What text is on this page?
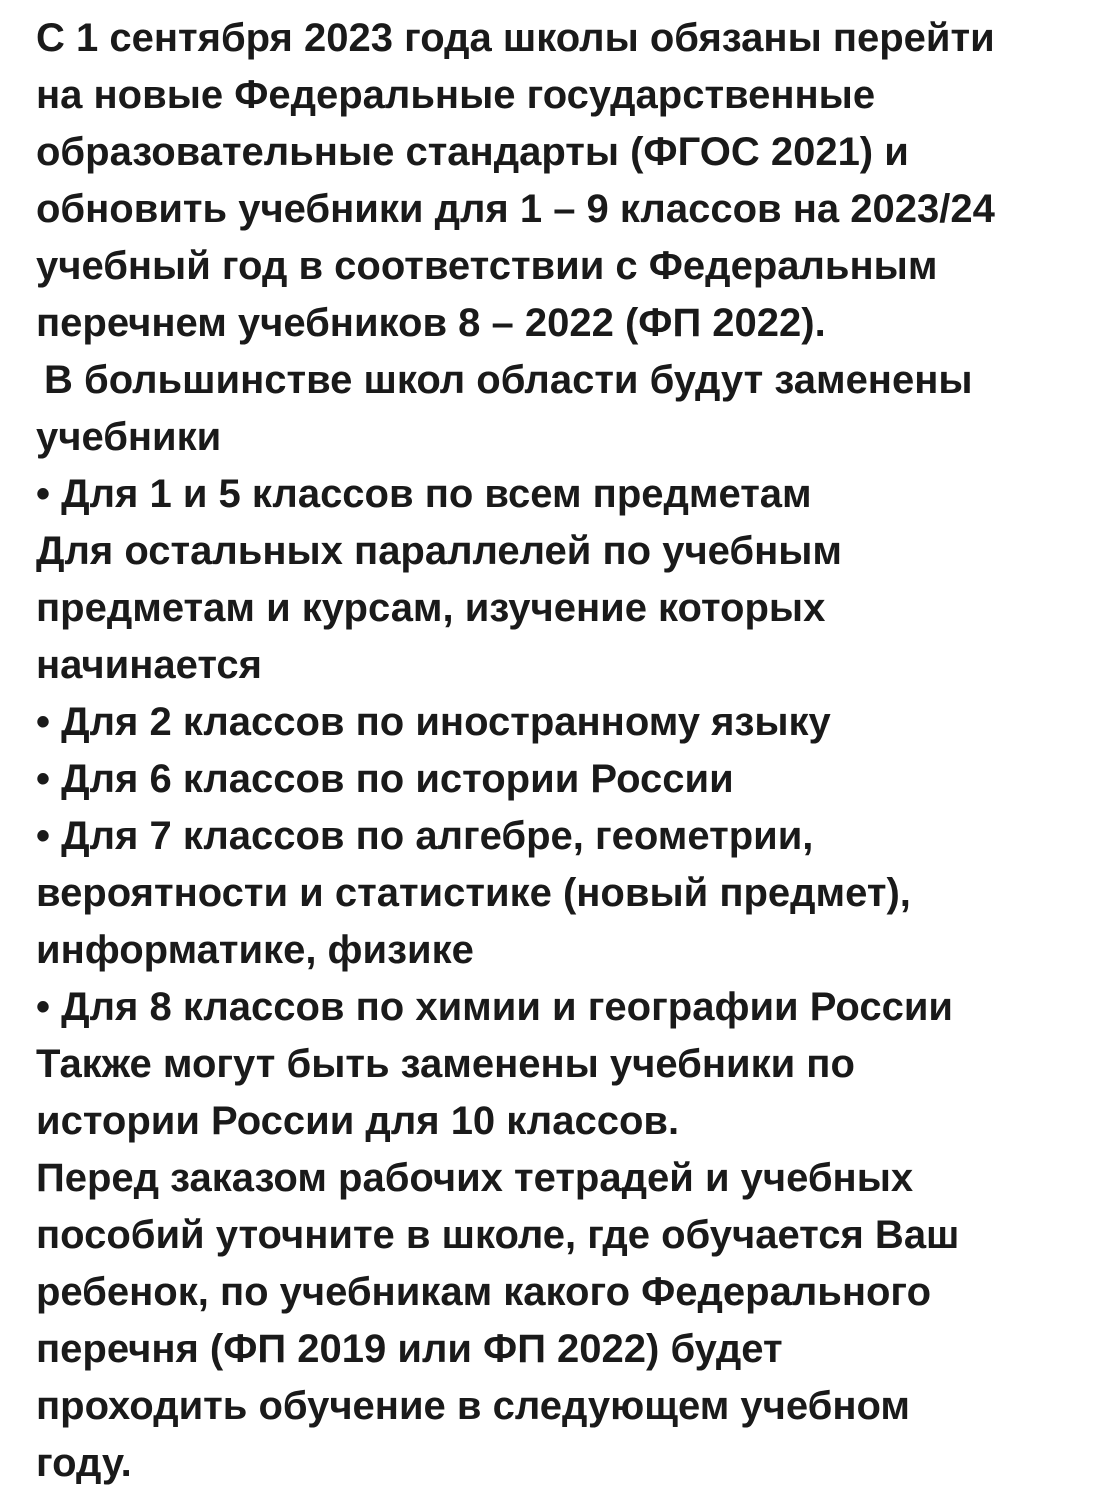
С 1 сентября 2023 года школы обязаны перейти
на новые Федеральные государственные
образовательные стандарты (ФГОС 2021) и
обновить учебники для 1 – 9 классов на 2023/24
учебный год в соответствии с Федеральным
перечнем учебников 8 – 2022 (ФП 2022).
В большинстве школ области будут заменены
учебники
• Для 1 и 5 классов по всем предметам
Для остальных параллелей по учебным
предметам и курсам, изучение которых
начинается
• Для 2 классов по иностранному языку
• Для 6 классов по истории России
• Для 7 классов по алгебре, геометрии,
вероятности и статистике (новый предмет),
информатике, физике
• Для 8 классов по химии и географии России
Также могут быть заменены учебники по
истории России для 10 классов.
Перед заказом рабочих тетрадей и учебных
пособий уточните в школе, где обучается Ваш
ребенок, по учебникам какого Федерального
перечня (ФП 2019 или ФП 2022) будет
проходить обучение в следующем учебном
году.
